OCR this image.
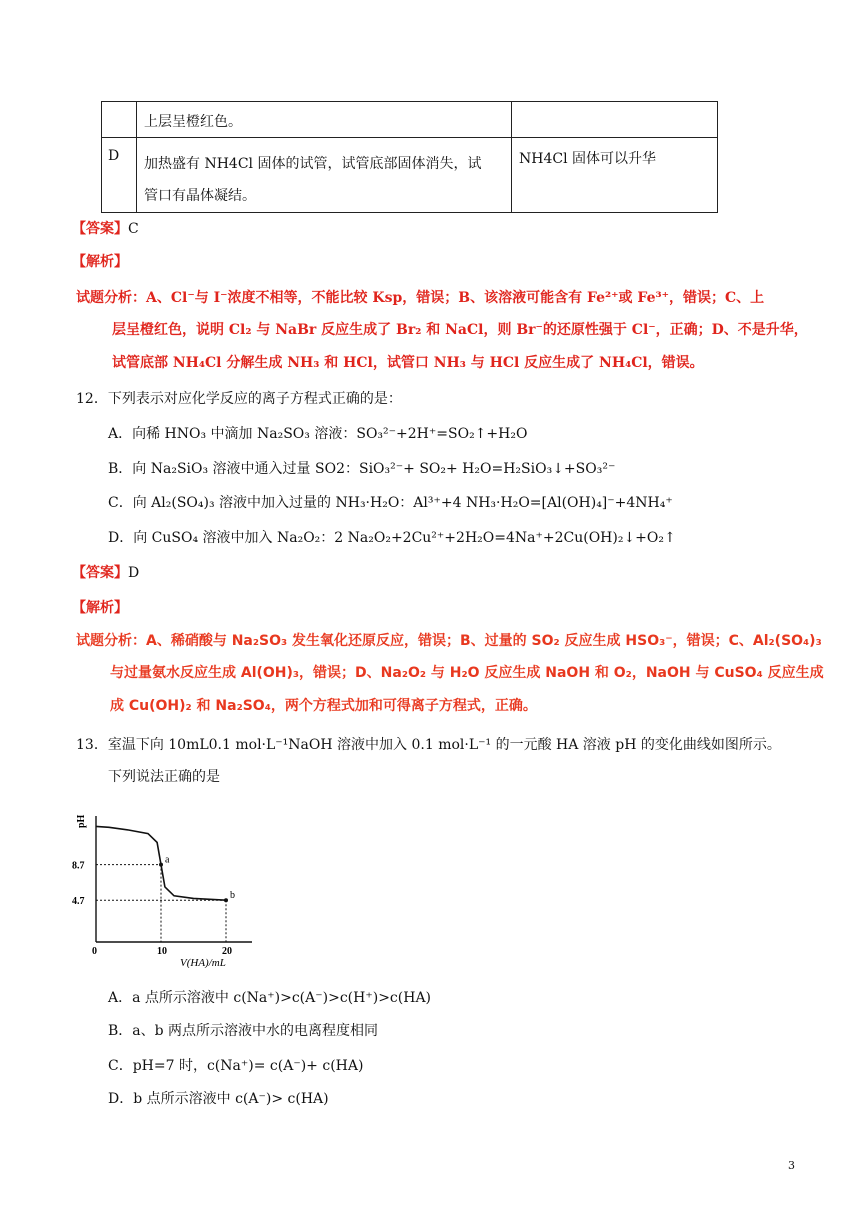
	上层呈橙红色。	

D	加热盛有 NH4Cl 固体的试管，试管底部固体消失，试
管口有晶体凝结。	NH4Cl 固体可以升华
【答案】C
【解析】
试题分析：A、Cl⁻与 I⁻浓度不相等，不能比较 Ksp，错误；B、该溶液可能含有 Fe²⁺或 Fe³⁺，错误；C、上
层呈橙红色，说明 Cl₂ 与 NaBr 反应生成了 Br₂ 和 NaCl，则 Br⁻的还原性强于 Cl⁻，正确；D、不是升华，
试管底部 NH₄Cl 分解生成 NH₃ 和 HCl，试管口 NH₃ 与 HCl 反应生成了 NH₄Cl，错误。
12．下列表示对应化学反应的离子方程式正确的是：
A．向稀 HNO₃ 中滴加 Na₂SO₃ 溶液：SO₃²⁻+2H⁺=SO₂↑+H₂O
B．向 Na₂SiO₃ 溶液中通入过量 SO2：SiO₃²⁻+ SO₂+ H₂O=H₂SiO₃↓+SO₃²⁻
C．向 Al₂(SO₄)₃ 溶液中加入过量的 NH₃·H₂O：Al³⁺+4 NH₃·H₂O=[Al(OH)₄]⁻+4NH₄⁺
D．向 CuSO₄ 溶液中加入 Na₂O₂：2 Na₂O₂+2Cu²⁺+2H₂O=4Na⁺+2Cu(OH)₂↓+O₂↑
【答案】D
【解析】
试题分析：A、稀硝酸与 Na₂SO₃ 发生氧化还原反应，错误；B、过量的 SO₂ 反应生成 HSO₃⁻，错误；C、Al₂(SO₄)₃
与过量氨水反应生成 Al(OH)₃，错误；D、Na₂O₂ 与 H₂O 反应生成 NaOH 和 O₂，NaOH 与 CuSO₄ 反应生成
成 Cu(OH)₂ 和 Na₂SO₄，两个方程式加和可得离子方程式，正确。
13．室温下向 10mL0.1 mol·L⁻¹NaOH 溶液中加入 0.1 mol·L⁻¹ 的一元酸 HA 溶液 pH 的变化曲线如图所示。
下列说法正确的是
pH
V(HA)/mL
0	10	20
8.7
4.7
a
b
A．a 点所示溶液中 c(Na⁺)>c(A⁻)>c(H⁺)>c(HA)
B．a、b 两点所示溶液中水的电离程度相同
C．pH=7 时，c(Na⁺)= c(A⁻)+ c(HA)
D．b 点所示溶液中 c(A⁻)> c(HA)
3
